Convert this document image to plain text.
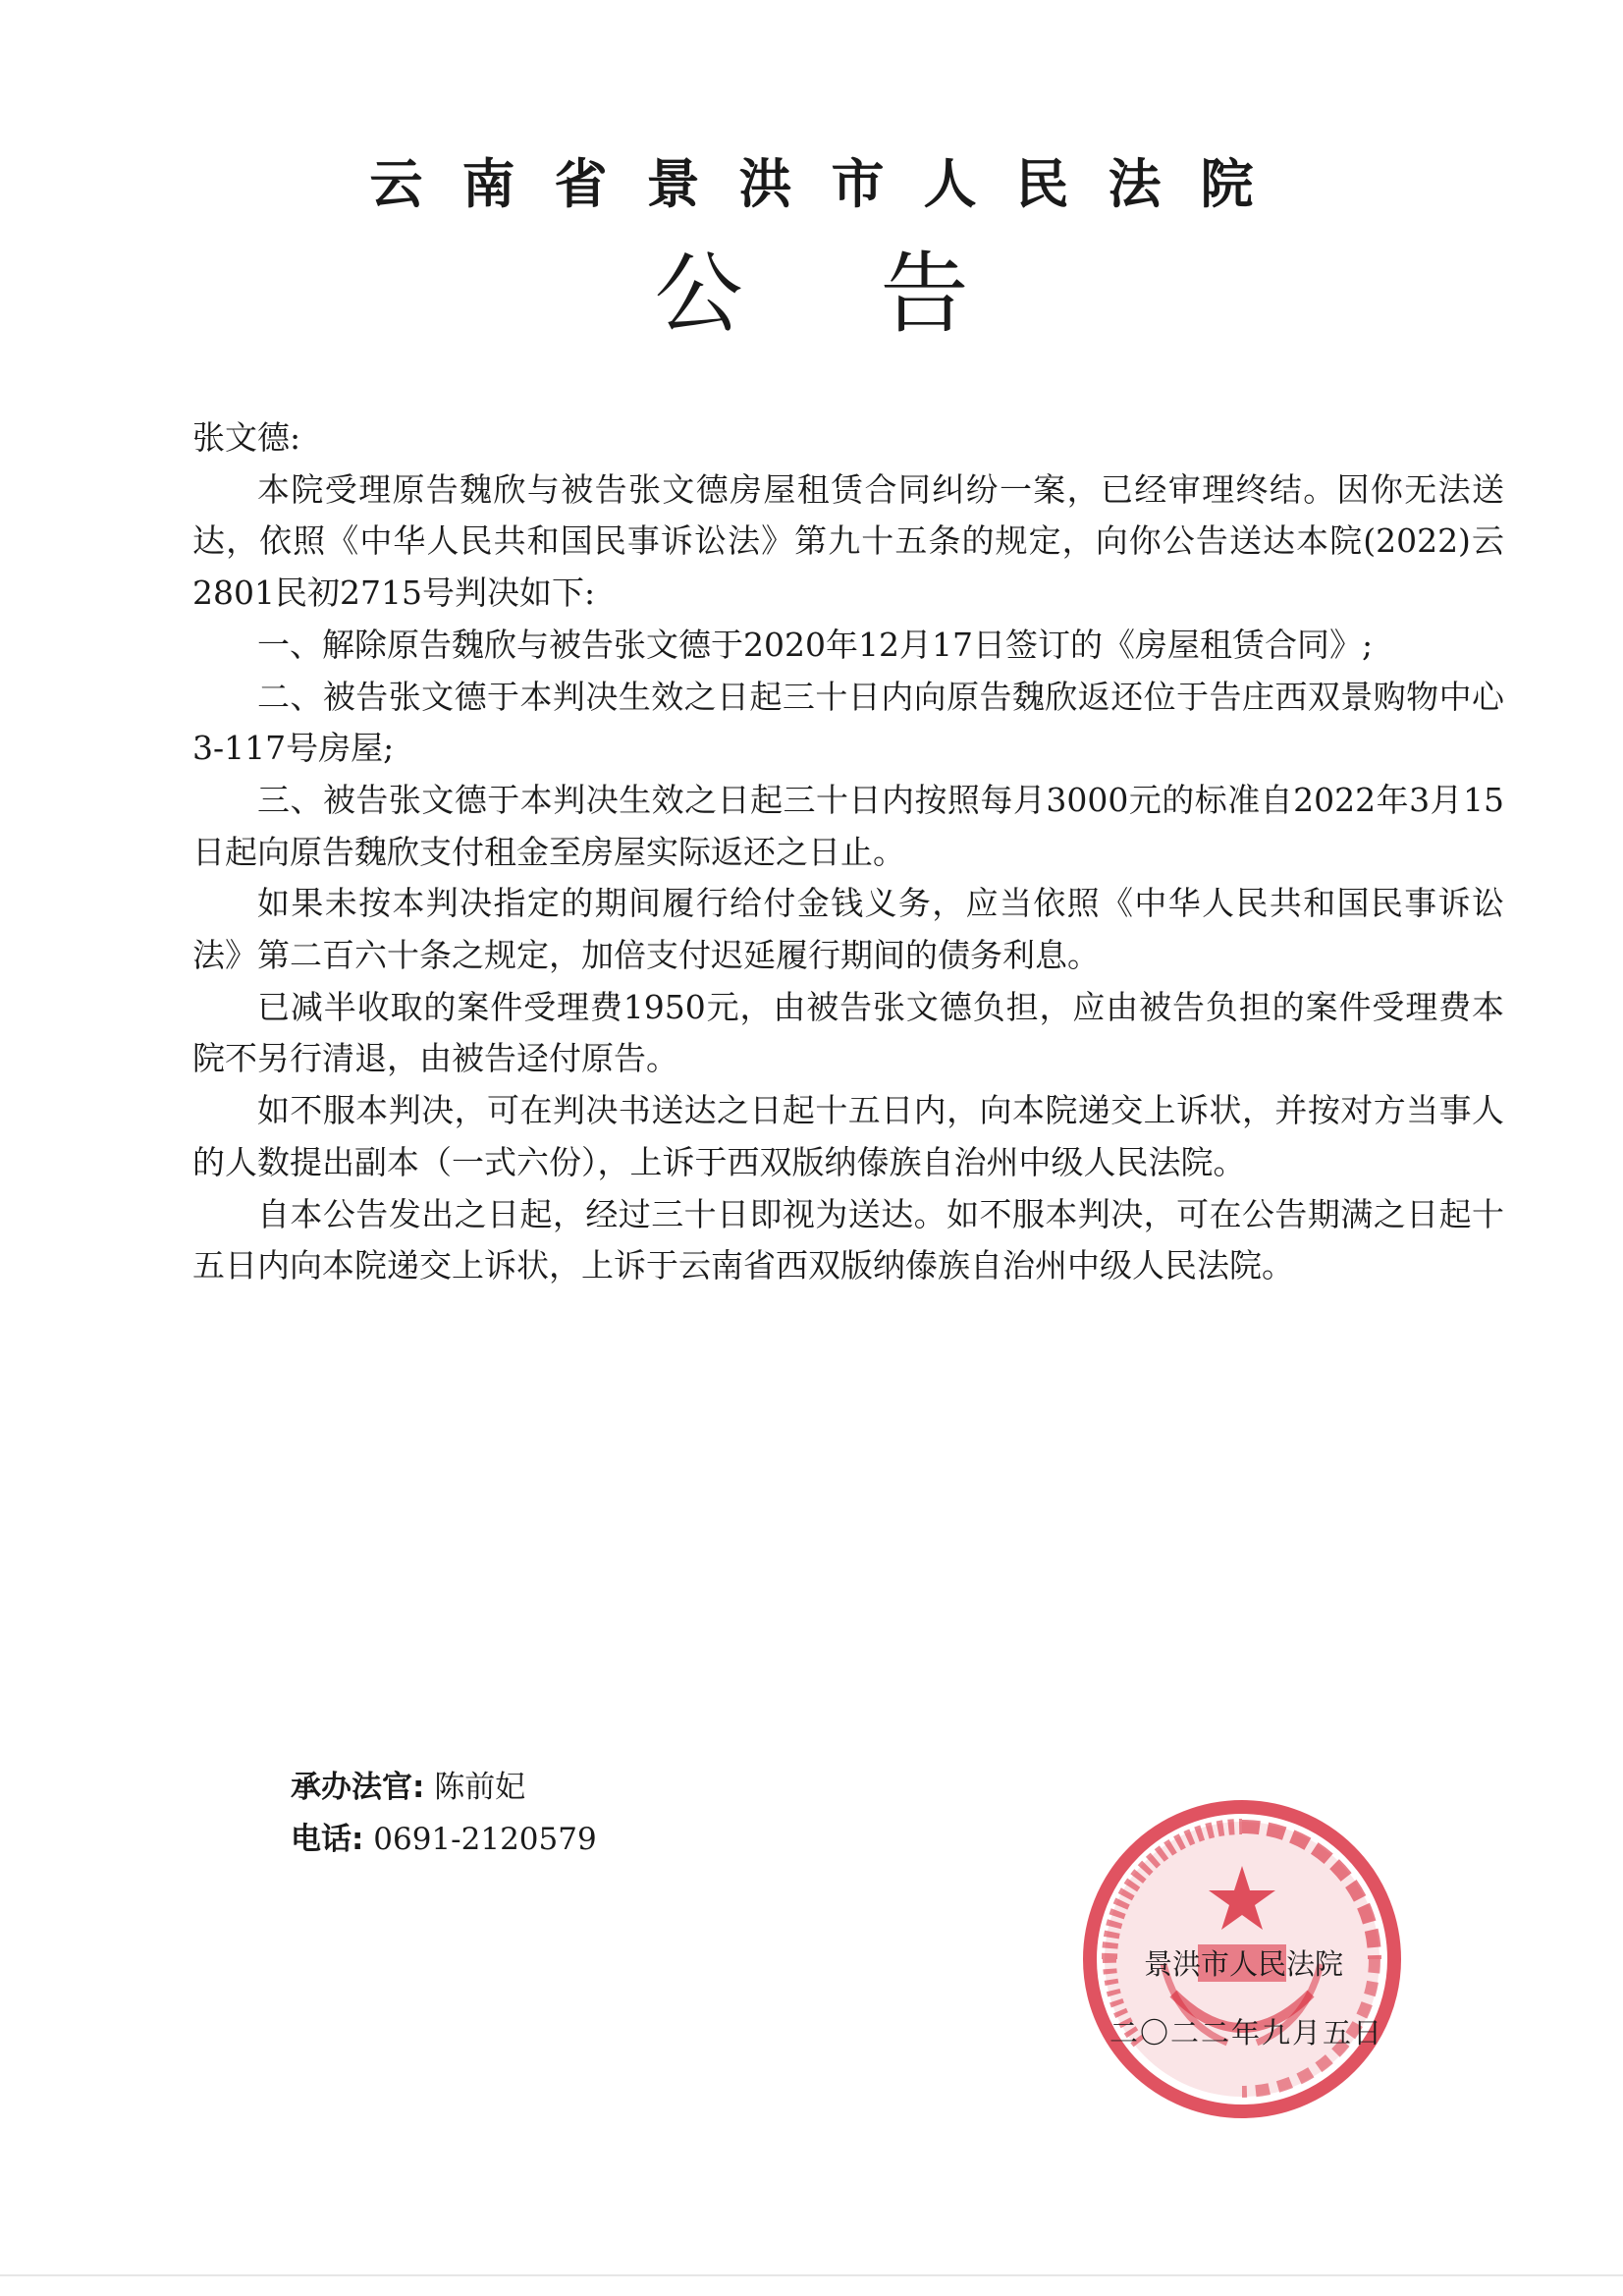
云南省景洪市人民法院
公告

张文德:

本院受理原告魏欣与被告张文德房屋租赁合同纠纷一案，已经审理终结。因你无法送达，依照《中华人民共和国民事诉讼法》第九十五条的规定，向你公告送达本院(2022)云2801民初2715号判决如下:

一、解除原告魏欣与被告张文德于2020年12月17日签订的《房屋租赁合同》;

二、被告张文德于本判决生效之日起三十日内向原告魏欣返还位于告庄西双景购物中心3-117号房屋;

三、被告张文德于本判决生效之日起三十日内按照每月3000元的标准自2022年3月15日起向原告魏欣支付租金至房屋实际返还之日止。

如果未按本判决指定的期间履行给付金钱义务，应当依照《中华人民共和国民事诉讼法》第二百六十条之规定，加倍支付迟延履行期间的债务利息。

已减半收取的案件受理费1950元，由被告张文德负担，应由被告负担的案件受理费本院不另行清退，由被告迳付原告。

如不服本判决，可在判决书送达之日起十五日内，向本院递交上诉状，并按对方当事人的人数提出副本（一式六份），上诉于西双版纳傣族自治州中级人民法院。

自本公告发出之日起，经过三十日即视为送达。如不服本判决，可在公告期满之日起十五日内向本院递交上诉状，上诉于云南省西双版纳傣族自治州中级人民法院。

承办法官: 陈前妃
电话: 0691-2120579
景洪市人民法院
二〇二二年九月五日
